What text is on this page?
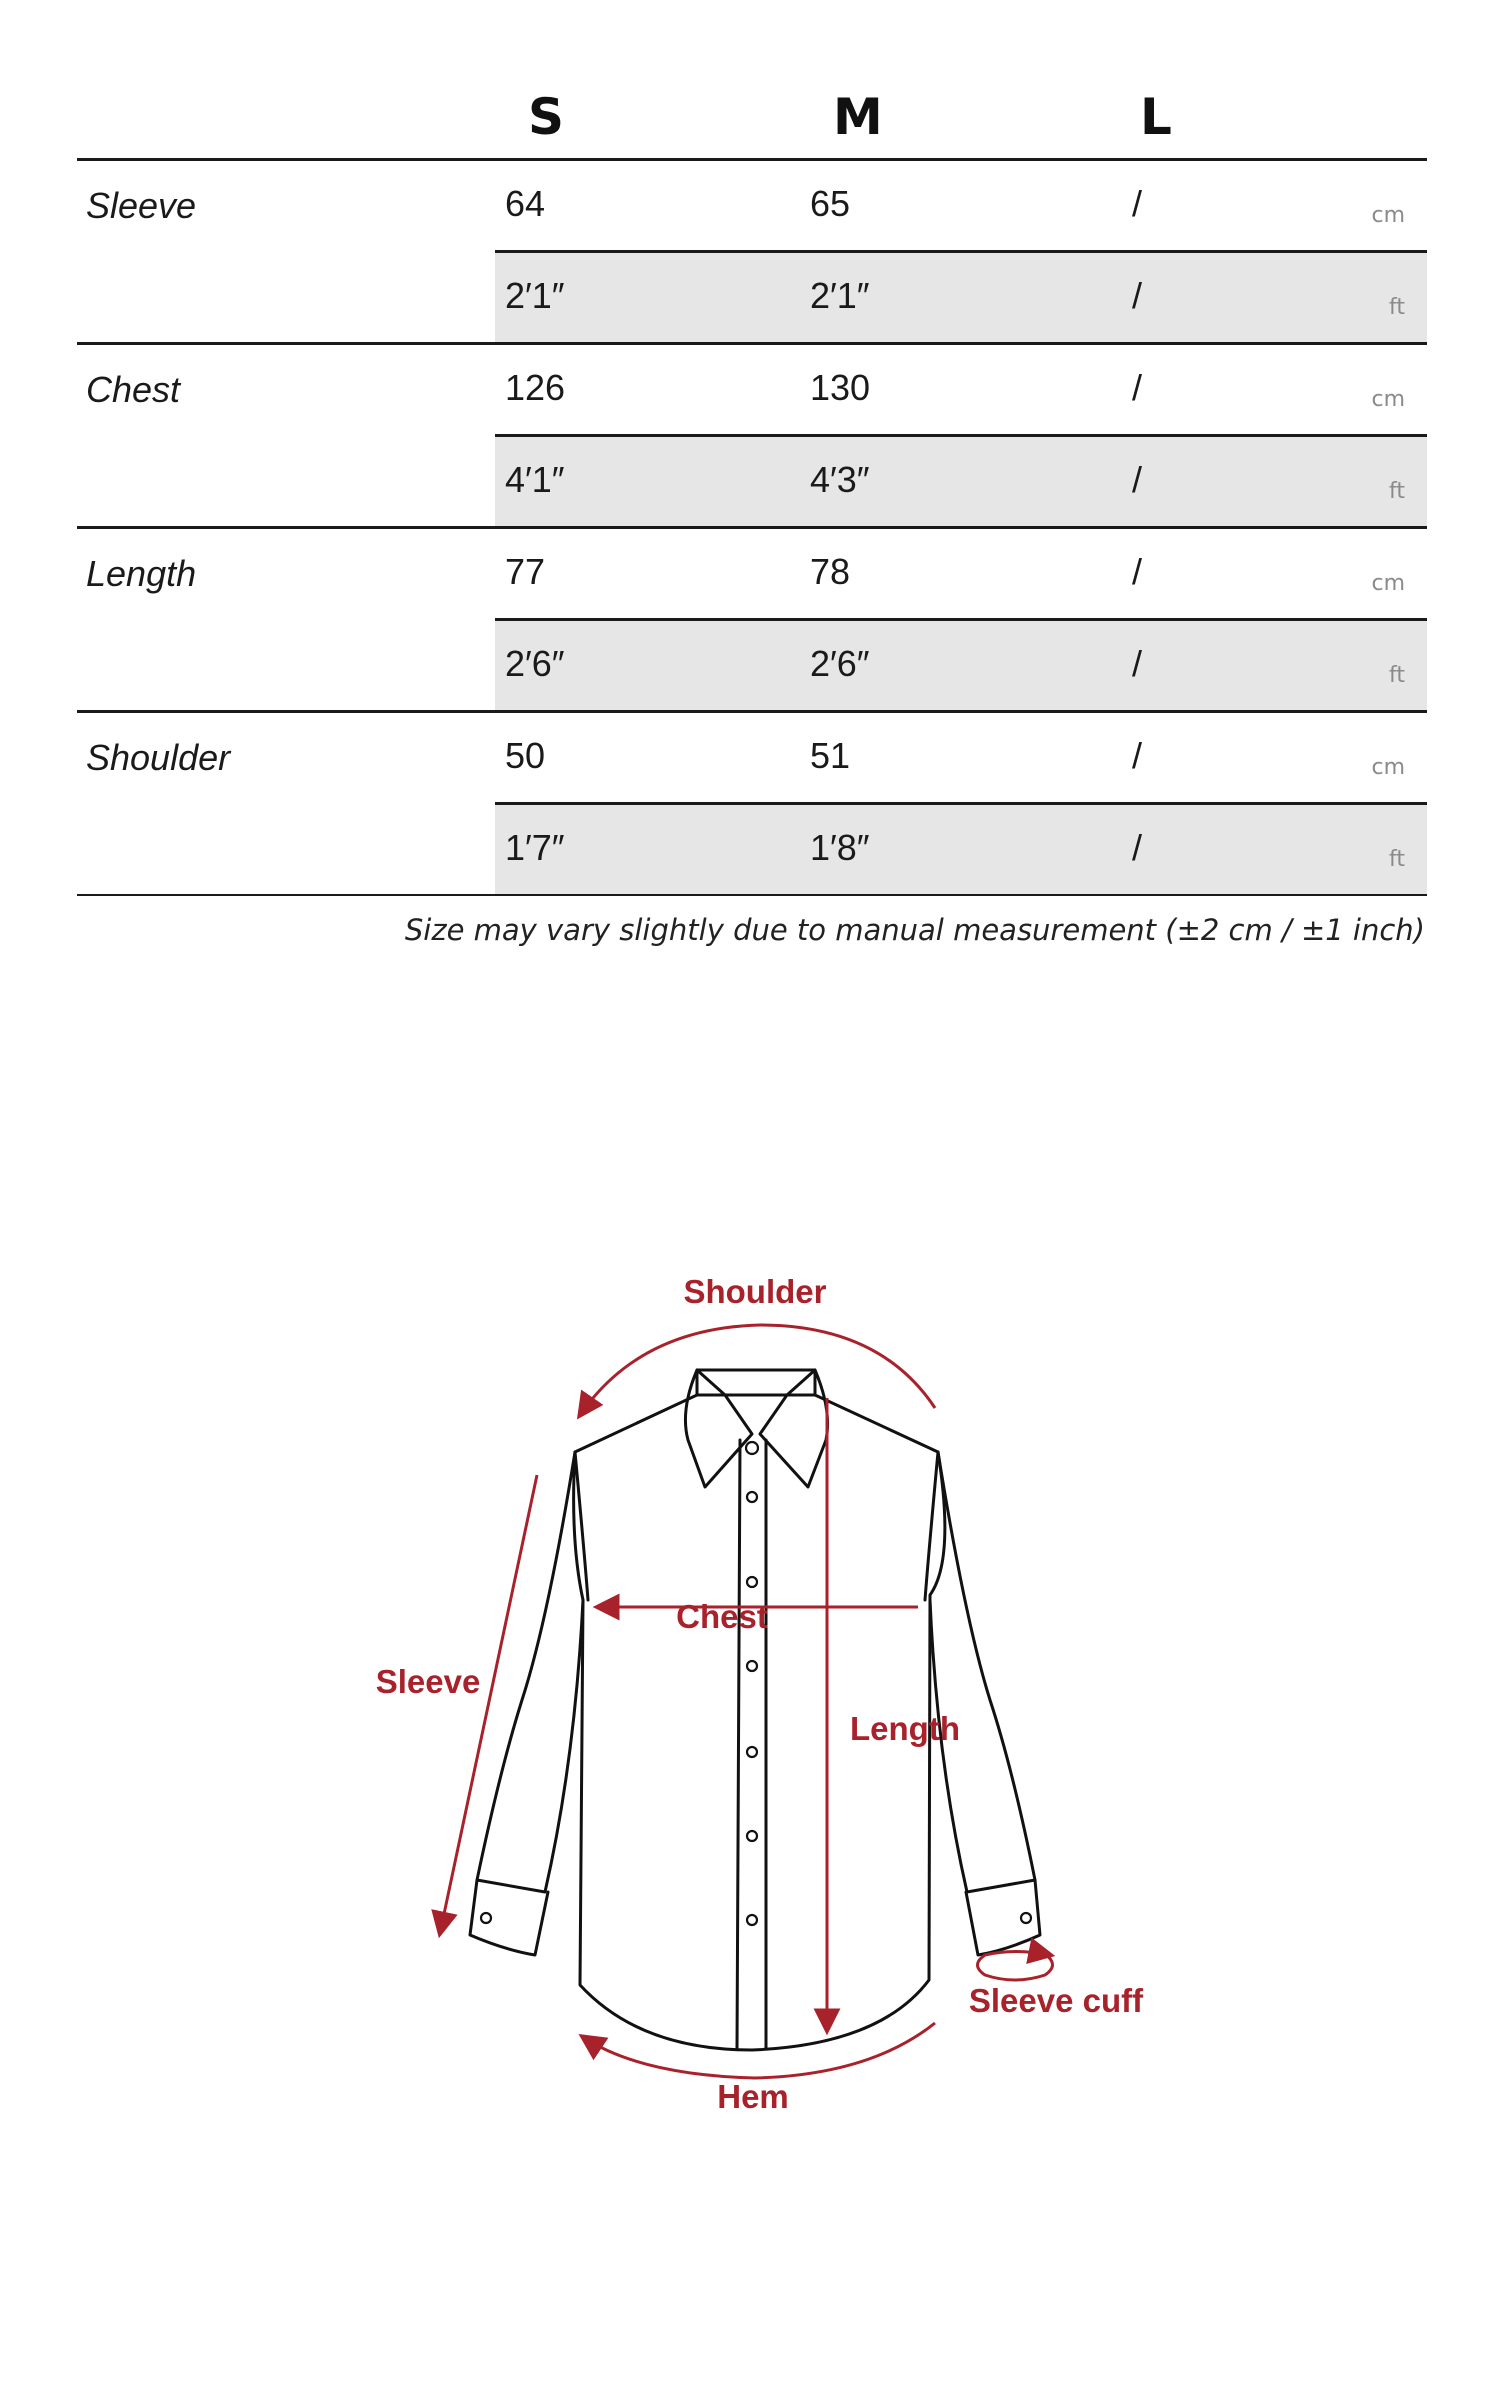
S	M	L
Sleeve	64	65	/	cm
2′1″	2′1″	/	ft
Chest	126	130	/	cm
4′1″	4′3″	/	ft
Length	77	78	/	cm
2′6″	2′6″	/	ft
Shoulder	50	51	/	cm
1′7″	1′8″	/	ft
Size may vary slightly due to manual measurement (±2 cm / ±1 inch)
Shoulder
Chest
Length
Sleeve
Sleeve cuff
Hem
